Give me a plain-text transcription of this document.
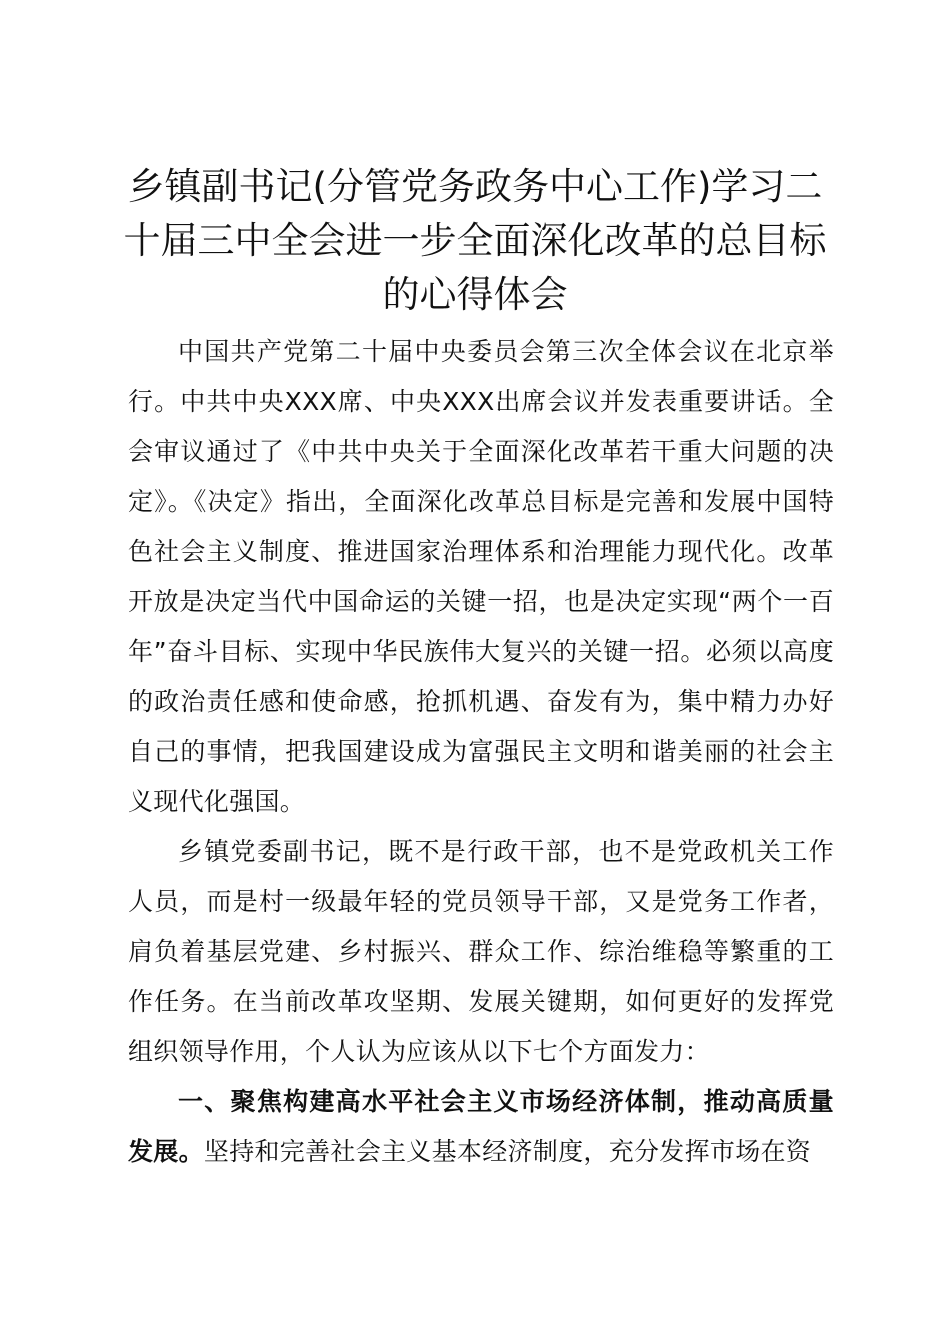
乡镇副书记(分管党务政务中心工作)学习二十届三中全会进一步全面深化改革的总目标的心得体会

中国共产党第二十届中央委员会第三次全体会议在北京举行。中共中央XXX席、中央XXX出席会议并发表重要讲话。全会审议通过了《中共中央关于全面深化改革若干重大问题的决定》。《决定》指出，全面深化改革总目标是完善和发展中国特色社会主义制度、推进国家治理体系和治理能力现代化。改革开放是决定当代中国命运的关键一招，也是决定实现“两个一百年”奋斗目标、实现中华民族伟大复兴的关键一招。必须以高度的政治责任感和使命感，抢抓机遇、奋发有为，集中精力办好自己的事情，把我国建设成为富强民主文明和谐美丽的社会主义现代化强国。

乡镇党委副书记，既不是行政干部，也不是党政机关工作人员，而是村一级最年轻的党员领导干部，又是党务工作者，肩负着基层党建、乡村振兴、群众工作、综治维稳等繁重的工作任务。在当前改革攻坚期、发展关键期，如何更好的发挥党组织领导作用，个人认为应该从以下七个方面发力：

一、聚焦构建高水平社会主义市场经济体制，推动高质量发展。坚持和完善社会主义基本经济制度，充分发挥市场在资
